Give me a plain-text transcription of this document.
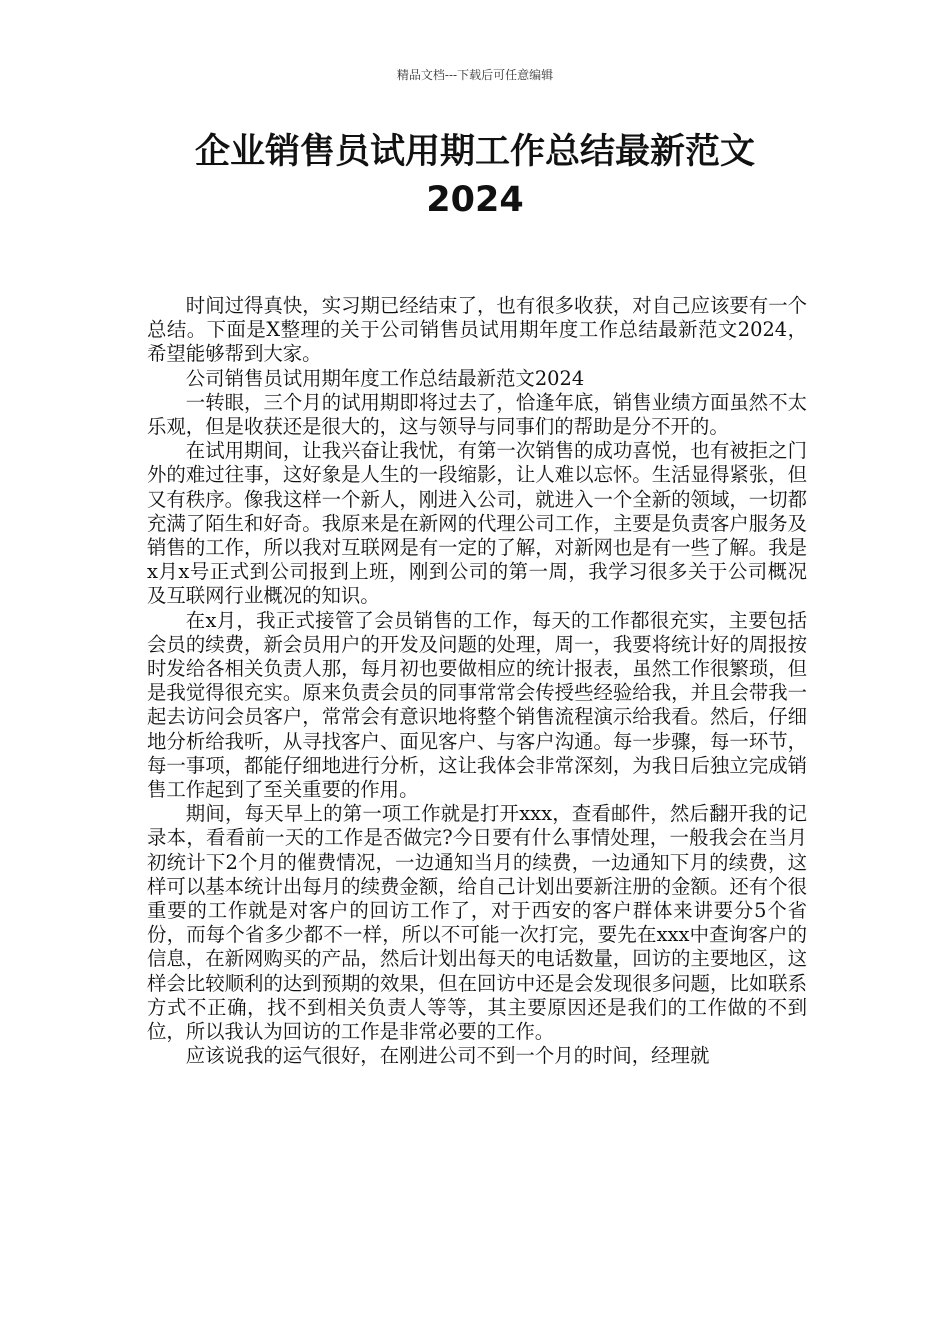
精品文档---下载后可任意编辑
企业销售员试用期工作总结最新范文
2024

时间过得真快，实习期已经结束了，也有很多收获，对自己应该要有一个总结。下面是X整理的关于公司销售员试用期年度工作总结最新范文2024，希望能够帮到大家。

公司销售员试用期年度工作总结最新范文2024

一转眼，三个月的试用期即将过去了，恰逢年底，销售业绩方面虽然不太乐观，但是收获还是很大的，这与领导与同事们的帮助是分不开的。

在试用期间，让我兴奋让我忧，有第一次销售的成功喜悦，也有被拒之门外的难过往事，这好象是人生的一段缩影，让人难以忘怀。生活显得紧张，但又有秩序。像我这样一个新人，刚进入公司，就进入一个全新的领域，一切都充满了陌生和好奇。我原来是在新网的代理公司工作，主要是负责客户服务及销售的工作，所以我对互联网是有一定的了解，对新网也是有一些了解。我是x月x号正式到公司报到上班，刚到公司的第一周，我学习很多关于公司概况及互联网行业概况的知识。

在x月，我正式接管了会员销售的工作，每天的工作都很充实，主要包括会员的续费，新会员用户的开发及问题的处理，周一，我要将统计好的周报按时发给各相关负责人那，每月初也要做相应的统计报表，虽然工作很繁琐，但是我觉得很充实。原来负责会员的同事常常会传授些经验给我，并且会带我一起去访问会员客户，常常会有意识地将整个销售流程演示给我看。然后，仔细地分析给我听，从寻找客户、面见客户、与客户沟通。每一步骤，每一环节，每一事项，都能仔细地进行分析，这让我体会非常深刻，为我日后独立完成销售工作起到了至关重要的作用。

期间，每天早上的第一项工作就是打开xxx，查看邮件，然后翻开我的记录本，看看前一天的工作是否做完?今日要有什么事情处理，一般我会在当月初统计下2个月的催费情况，一边通知当月的续费，一边通知下月的续费，这样可以基本统计出每月的续费金额，给自己计划出要新注册的金额。还有个很重要的工作就是对客户的回访工作了，对于西安的客户群体来讲要分5个省份，而每个省多少都不一样，所以不可能一次打完，要先在xxx中查询客户的信息，在新网购买的产品，然后计划出每天的电话数量，回访的主要地区，这样会比较顺利的达到预期的效果，但在回访中还是会发现很多问题，比如联系方式不正确，找不到相关负责人等等，其主要原因还是我们的工作做的不到位，所以我认为回访的工作是非常必要的工作。

应该说我的运气很好，在刚进公司不到一个月的时间，经理就
